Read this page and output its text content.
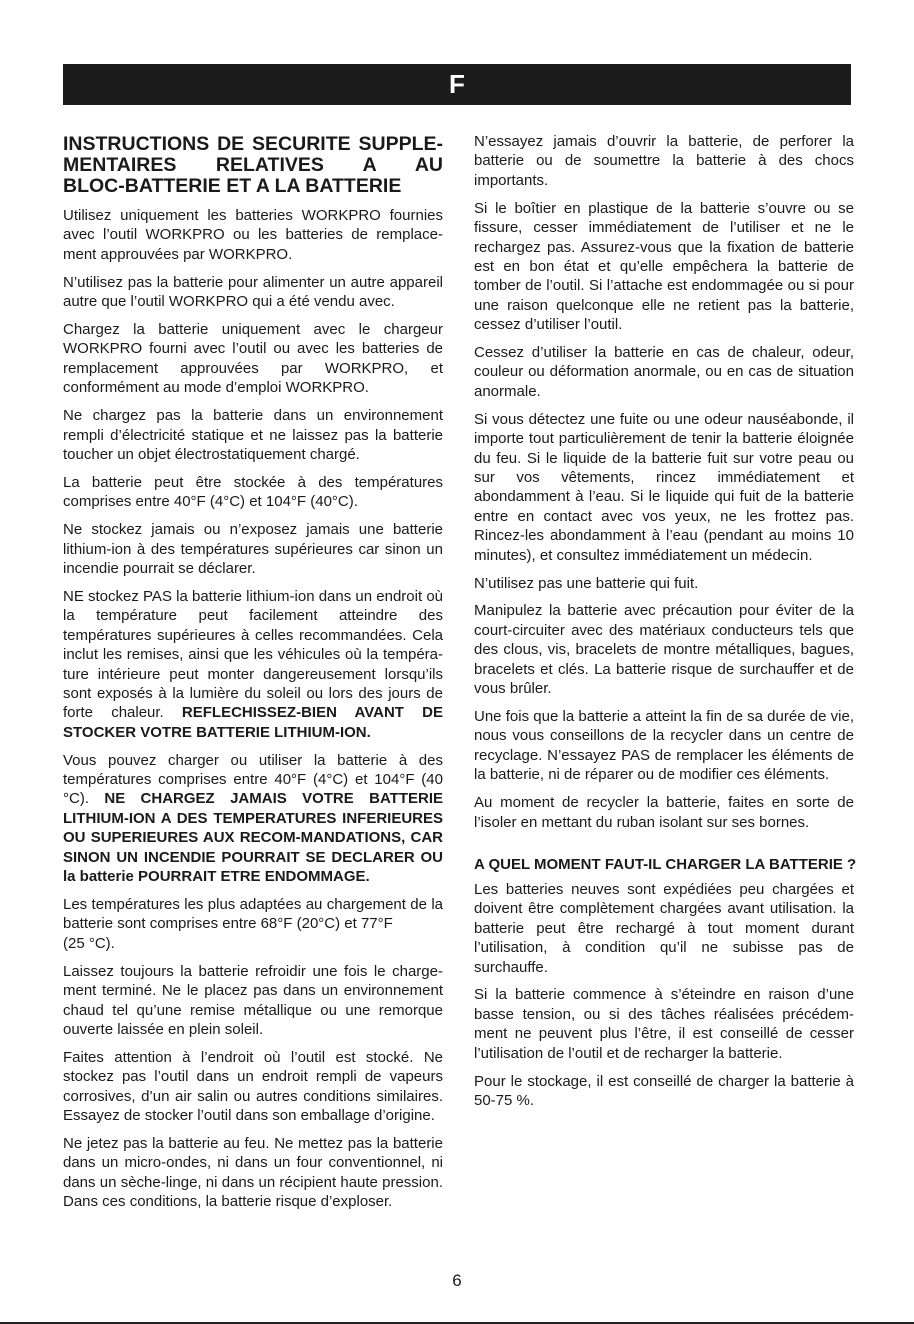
F
INSTRUCTIONS DE SECURITE SUPPLE-
MENTAIRES RELATIVES A AU
BLOC-BATTERIE ET A LA BATTERIE

Utilisez uniquement les batteries WORKPRO fournies avec l’outil WORKPRO ou les batteries de remplace-ment approuvées par WORKPRO.

N’utilisez pas la batterie pour alimenter un autre appareil autre que l’outil WORKPRO qui a été vendu avec.

Chargez la batterie uniquement avec le chargeur WORKPRO fourni avec l’outil ou avec les batteries de remplacement approuvées par WORKPRO, et conformément au mode d’emploi WORKPRO.

Ne chargez pas la batterie dans un environnement rempli d’électricité statique et ne laissez pas la batterie toucher un objet électrostatiquement chargé.

La batterie peut être stockée à des températures comprises entre 40°F (4°C) et 104°F (40°C).

Ne stockez jamais ou n’exposez jamais une batterie lithium-ion à des températures supérieures car sinon un incendie pourrait se déclarer.

NE stockez PAS la batterie lithium-ion dans un endroit où la température peut facilement atteindre des températures supérieures à celles recommandées. Cela inclut les remises, ainsi que les véhicules où la tempéra-ture intérieure peut monter dangereusement lorsqu’ils sont exposés à la lumière du soleil ou lors des jours de forte chaleur. REFLECHISSEZ-BIEN AVANT DE STOCKER VOTRE BATTERIE LITHIUM-ION.

Vous pouvez charger ou utiliser la batterie à des températures comprises entre 40°F (4°C) et 104°F (40 °C). NE CHARGEZ JAMAIS VOTRE BATTERIE LITHIUM-ION A DES TEMPERATURES INFERIEURES OU SUPERIEURES AUX RECOM-MANDATIONS, CAR SINON UN INCENDIE POURRAIT SE DECLARER OU la batterie POURRAIT ETRE ENDOMMAGE.

Les températures les plus adaptées au chargement de la batterie sont comprises entre 68°F (20°C) et 77°F
(25 °C).

Laissez toujours la batterie refroidir une fois le charge-ment terminé. Ne le placez pas dans un environnement chaud tel qu’une remise métallique ou une remorque ouverte laissée en plein soleil.

Faites attention à l’endroit où l’outil est stocké. Ne stockez pas l’outil dans un endroit rempli de vapeurs corrosives, d’un air salin ou autres conditions similaires. Essayez de stocker l’outil dans son emballage d’origine.

Ne jetez pas la batterie au feu. Ne mettez pas la batterie dans un micro-ondes, ni dans un four conventionnel, ni dans un sèche-linge, ni dans un récipient haute pression. Dans ces conditions, la batterie risque d’exploser.

N’essayez jamais d’ouvrir la batterie, de perforer la batterie ou de soumettre la batterie à des chocs importants.

Si le boîtier en plastique de la batterie s’ouvre ou se fissure, cesser immédiatement de l’utiliser et ne le rechargez pas. Assurez-vous que la fixation de batterie est en bon état et qu’elle empêchera la batterie de tomber de l’outil. Si l’attache est endommagée ou si pour une raison quelconque elle ne retient pas la batterie, cessez d’utiliser l’outil.

Cessez d’utiliser la batterie en cas de chaleur, odeur, couleur ou déformation anormale, ou en cas de situation anormale.

Si vous détectez une fuite ou une odeur nauséabonde, il importe tout particulièrement de tenir la batterie éloignée du feu. Si le liquide de la batterie fuit sur votre peau ou sur vos vêtements, rincez immédiatement et abondamment à l’eau. Si le liquide qui fuit de la batterie entre en contact avec vos yeux, ne les frottez pas. Rincez-les abondamment à l’eau (pendant au moins 10 minutes), et consultez immédiatement un médecin.

N’utilisez pas une batterie qui fuit.

Manipulez la batterie avec précaution pour éviter de la court-circuiter avec des matériaux conducteurs tels que des clous, vis, bracelets de montre métalliques, bagues, bracelets et clés. La batterie risque de surchauffer et de vous brûler.

Une fois que la batterie a atteint la fin de sa durée de vie, nous vous conseillons de la recycler dans un centre de recyclage. N’essayez PAS de remplacer les éléments de la batterie, ni de réparer ou de modifier ces éléments.

Au moment de recycler la batterie, faites en sorte de l’isoler en mettant du ruban isolant sur ses bornes.

A QUEL MOMENT FAUT-IL CHARGER LA BATTERIE ?

Les batteries neuves sont expédiées peu chargées et doivent être complètement chargées avant utilisation. la batterie peut être rechargé à tout moment durant l’utilisation, à condition qu’il ne subisse pas de surchauffe.

Si la batterie commence à s’éteindre en raison d’une basse tension, ou si des tâches réalisées précédem-ment ne peuvent plus l’être, il est conseillé de cesser l’utilisation de l’outil et de recharger la batterie.

Pour le stockage, il est conseillé de charger la batterie à 50-75 %.

6
